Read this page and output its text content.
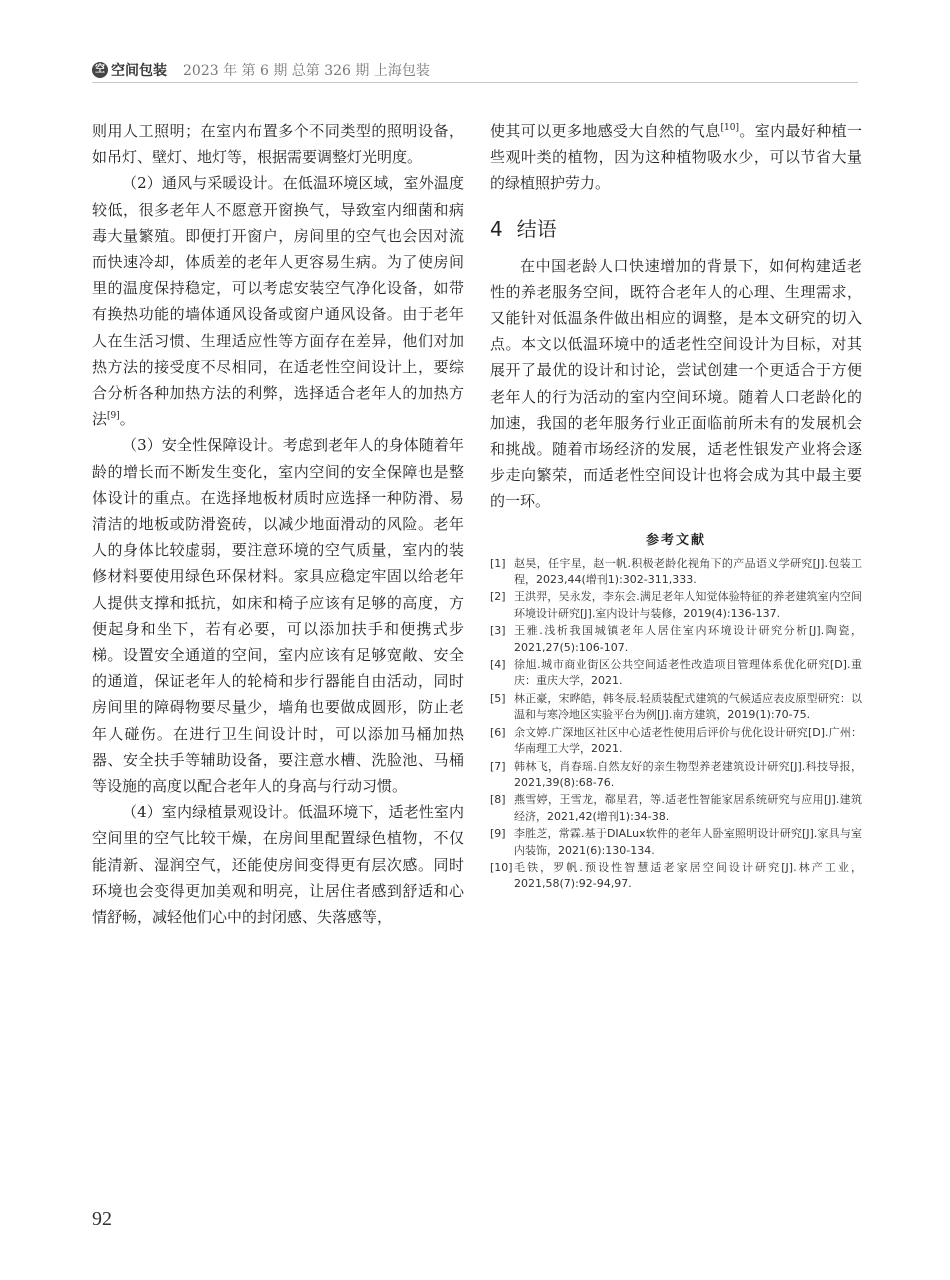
空 空间包装 2023 年 第 6 期 总第 326 期 上海包装

则用人工照明；在室内布置多个不同类型的照明设备，如吊灯、壁灯、地灯等，根据需要调整灯光明度。

（2）通风与采暖设计。在低温环境区域，室外温度较低，很多老年人不愿意开窗换气，导致室内细菌和病毒大量繁殖。即便打开窗户，房间里的空气也会因对流而快速冷却，体质差的老年人更容易生病。为了使房间里的温度保持稳定，可以考虑安装空气净化设备，如带有换热功能的墙体通风设备或窗户通风设备。由于老年人在生活习惯、生理适应性等方面存在差异，他们对加热方法的接受度不尽相同，在适老性空间设计上，要综合分析各种加热方法的利弊，选择适合老年人的加热方法[9]。

（3）安全性保障设计。考虑到老年人的身体随着年龄的增长而不断发生变化，室内空间的安全保障也是整体设计的重点。在选择地板材质时应选择一种防滑、易清洁的地板或防滑瓷砖，以减少地面滑动的风险。老年人的身体比较虚弱，要注意环境的空气质量，室内的装修材料要使用绿色环保材料。家具应稳定牢固以给老年人提供支撑和抵抗，如床和椅子应该有足够的高度，方便起身和坐下，若有必要，可以添加扶手和便携式步梯。设置安全通道的空间，室内应该有足够宽敞、安全的通道，保证老年人的轮椅和步行器能自由活动，同时房间里的障碍物要尽量少，墙角也要做成圆形，防止老年人碰伤。在进行卫生间设计时，可以添加马桶加热器、安全扶手等辅助设备，要注意水槽、洗脸池、马桶等设施的高度以配合老年人的身高与行动习惯。

（4）室内绿植景观设计。低温环境下，适老性室内空间里的空气比较干燥，在房间里配置绿色植物，不仅能清新、湿润空气，还能使房间变得更有层次感。同时环境也会变得更加美观和明亮，让居住者感到舒适和心情舒畅，减轻他们心中的封闭感、失落感等，

使其可以更多地感受大自然的气息[10]。室内最好种植一些观叶类的植物，因为这种植物吸水少，可以节省大量的绿植照护劳力。

4 结语

在中国老龄人口快速增加的背景下，如何构建适老性的养老服务空间，既符合老年人的心理、生理需求，又能针对低温条件做出相应的调整，是本文研究的切入点。本文以低温环境中的适老性空间设计为目标，对其展开了最优的设计和讨论，尝试创建一个更适合于方便老年人的行为活动的室内空间环境。随着人口老龄化的加速，我国的老年服务行业正面临前所未有的发展机会和挑战。随着市场经济的发展，适老性银发产业将会逐步走向繁荣，而适老性空间设计也将会成为其中最主要的一环。

参考文献
[1] 赵昊，任宇星，赵一帆.积极老龄化视角下的产品语义学研究[J].包装工程，2023,44(增刊1):302-311,333.
[2] 王洪羿，吴永发，李东会.满足老年人知觉体验特征的养老建筑室内空间环境设计研究[J].室内设计与装修，2019(4):136-137.
[3] 王雅.浅析我国城镇老年人居住室内环境设计研究分析[J].陶瓷，2021,27(5):106-107.
[4] 徐旭.城市商业街区公共空间适老性改造项目管理体系优化研究[D].重庆：重庆大学，2021.
[5] 林正豪，宋晔皓，韩冬辰.轻质装配式建筑的气候适应表皮原型研究：以温和与寒冷地区实验平台为例[J].南方建筑，2019(1):70-75.
[6] 余文婷.广深地区社区中心适老性使用后评价与优化设计研究[D].广州：华南理工大学，2021.
[7] 韩林飞，肖春瑶.自然友好的亲生物型养老建筑设计研究[J].科技导报，2021,39(8):68-76.
[8] 燕雪婷，王雪龙，郗星君，等.适老性智能家居系统研究与应用[J].建筑经济，2021,42(增刊1):34-38.
[9] 李胜芝，常霖.基于DIALux软件的老年人卧室照明设计研究[J].家具与室内装饰，2021(6):130-134.
[10] 毛铁，罗帆.预设性智慧适老家居空间设计研究[J].林产工业，2021,58(7):92-94,97.
92
